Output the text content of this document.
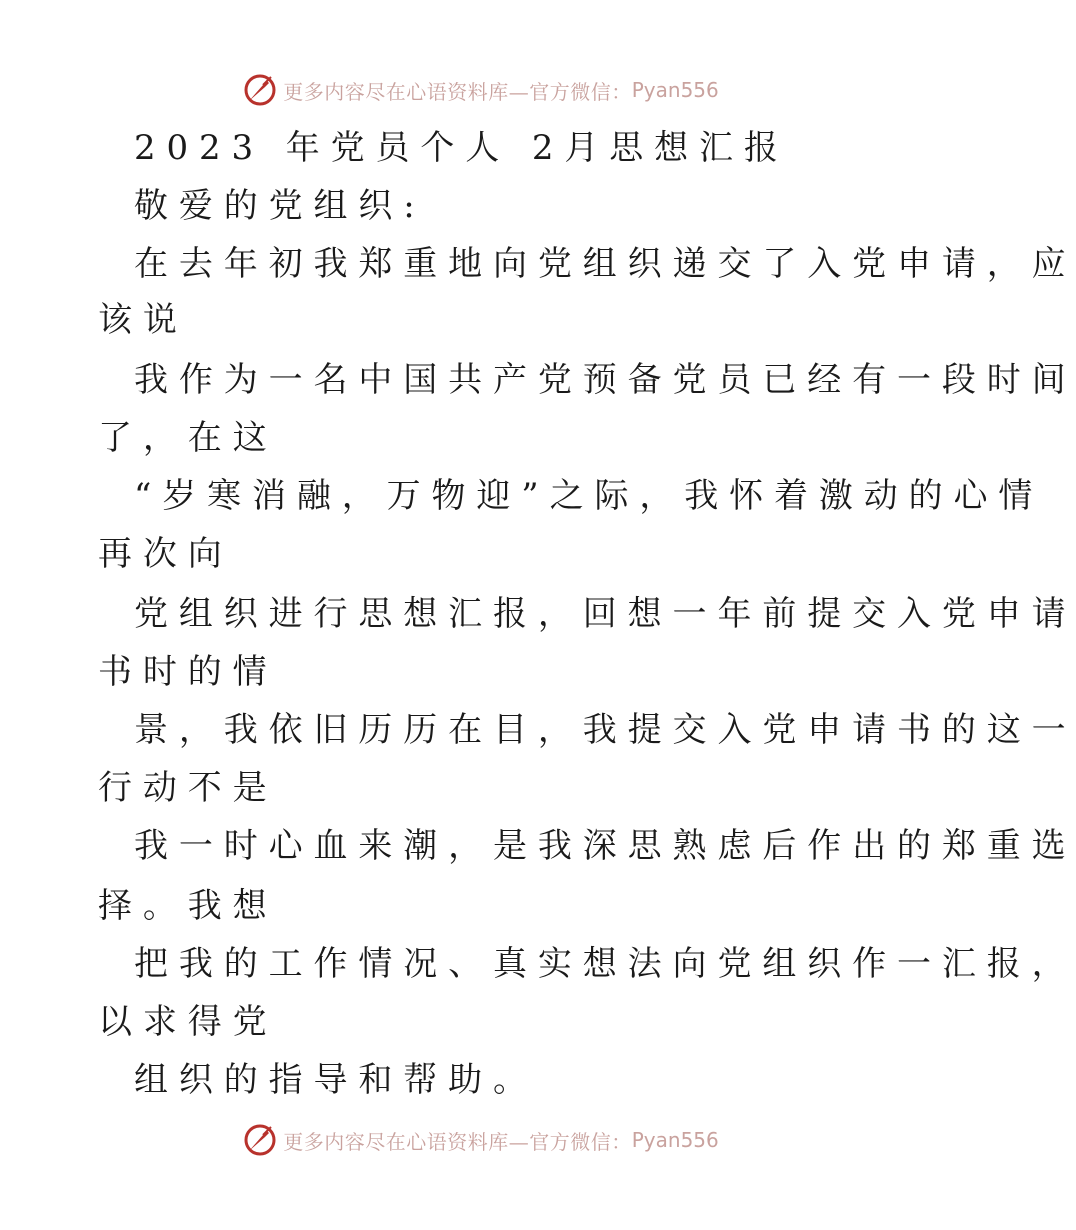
更多内容尽在心语资料库—官方微信： Pyan556
2023 年党员个人 2月思想汇报
敬爱的党组织:
在去年初我郑重地向党组织递交了入党申请，应
该说
我作为一名中国共产党预备党员已经有一段时间
了，在这
“岁寒消融，万物迎”之际，我怀着激动的心情
再次向
党组织进行思想汇报，回想一年前提交入党申请
书时的情
景，我依旧历历在目，我提交入党申请书的这一
行动不是
我一时心血来潮，是我深思熟虑后作出的郑重选
择。我想
把我的工作情况、真实想法向党组织作一汇报，
以求得党
组织的指导和帮助。
更多内容尽在心语资料库—官方微信： Pyan556
